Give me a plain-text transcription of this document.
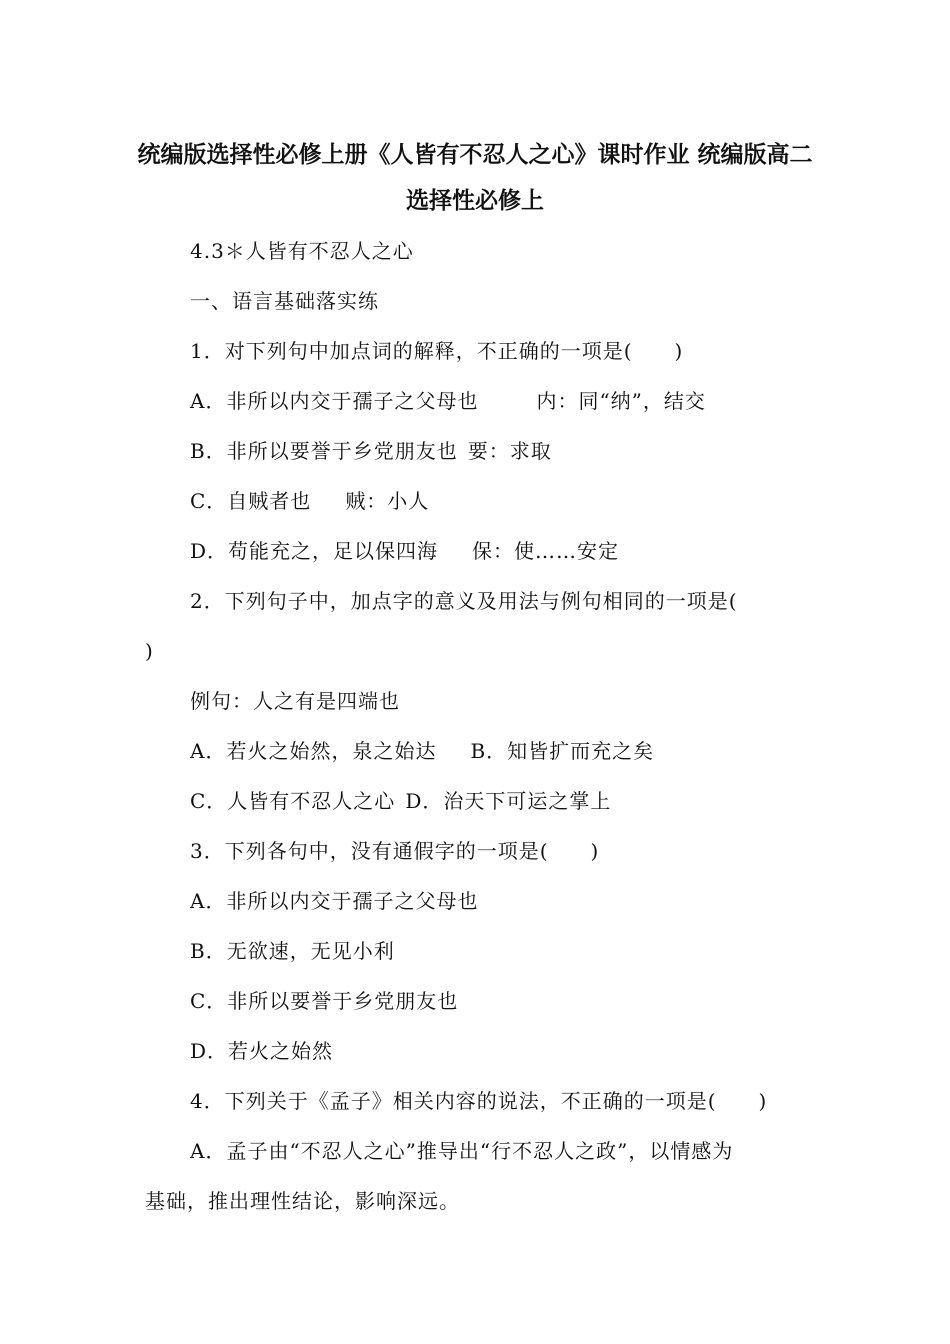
统编版选择性必修上册《人皆有不忍人之心》课时作业 统编版高二
选择性必修上
4.3＊人皆有不忍人之心
一、语言基础落实练
1．对下列句中加点词的解释，不正确的一项是(　　)
A．非所以内交于孺子之父母也	内：同“纳”，结交
B．非所以要誉于乡党朋友也 要：求取
C．自贼者也 贼：小人
D．苟能充之，足以保四海 保：使……安定
2．下列句子中，加点字的意义及用法与例句相同的一项是(
)
例句：人之有是四端也
A．若火之始然，泉之始达 B．知皆扩而充之矣
C．人皆有不忍人之心 D．治天下可运之掌上
3．下列各句中，没有通假字的一项是(　　)
A．非所以内交于孺子之父母也
B．无欲速，无见小利
C．非所以要誉于乡党朋友也
D．若火之始然
4．下列关于《孟子》相关内容的说法，不正确的一项是(　　)
A．孟子由“不忍人之心”推导出“行不忍人之政”，以情感为
基础，推出理性结论，影响深远。
